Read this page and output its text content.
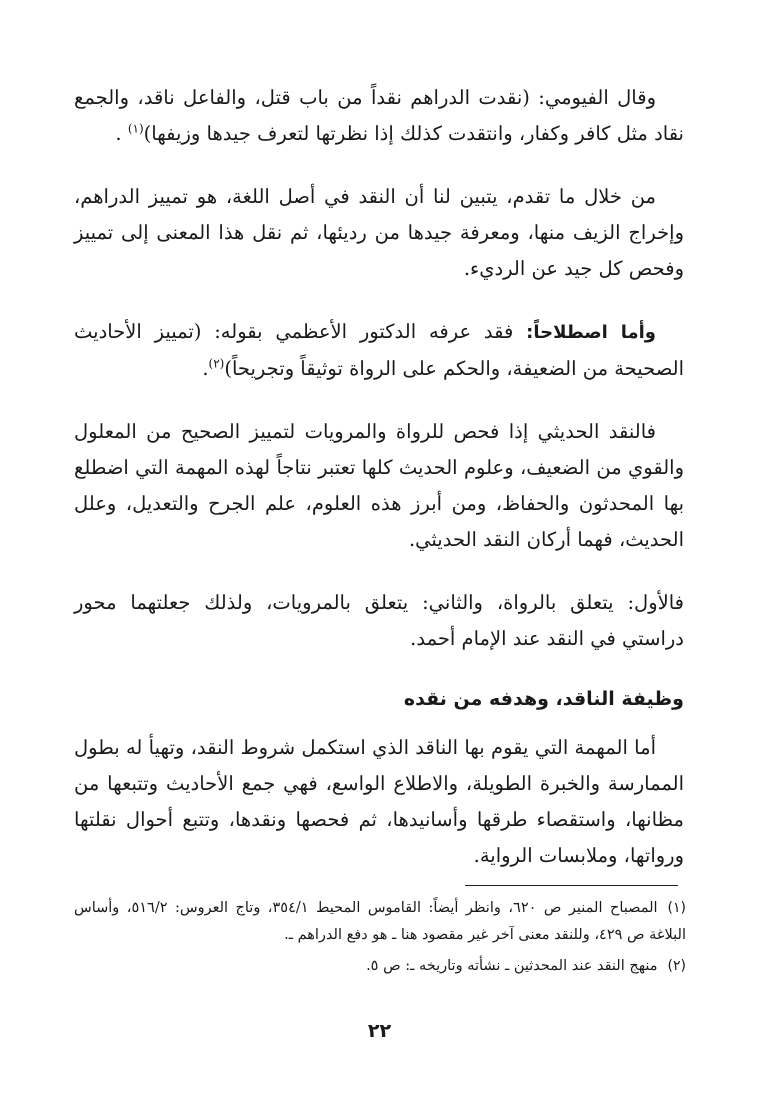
وقال الفيومي: (نقدت الدراهم نقداً من باب قتل، والفاعل ناقد، والجمع نقاد مثل كافر وكفار، وانتقدت كذلك إذا نظرتها لتعرف جيدها وزيفها)$^{(١)}$ .

من خلال ما تقدم، يتبين لنا أن النقد في أصل اللغة، هو تمييز الدراهم، وإخراج الزيف منها، ومعرفة جيدها من رديئها، ثم نقل هذا المعنى إلى تمييز وفحص كل جيد عن الرديء.

وأما اصطلاحاً: فقد عرفه الدكتور الأعظمي بقوله: (تمييز الأحاديث الصحيحة من الضعيفة، والحكم على الرواة توثيقاً وتجريحاً)$^{(٢)}$.

فالنقد الحديثي إذا فحص للرواة والمرويات لتمييز الصحيح من المعلول والقوي من الضعيف، وعلوم الحديث كلها تعتبر نتاجاً لهذه المهمة التي اضطلع بها المحدثون والحفاظ، ومن أبرز هذه العلوم، علم الجرح والتعديل، وعلل الحديث، فهما أركان النقد الحديثي.

فالأول: يتعلق بالرواة، والثاني: يتعلق بالمرويات، ولذلك جعلتهما محور دراستي في النقد عند الإمام أحمد.

وظيفة الناقد، وهدفه من نقده

أما المهمة التي يقوم بها الناقد الذي استكمل شروط النقد، وتهيأ له بطول الممارسة والخبرة الطويلة، والاطلاع الواسع، فهي جمع الأحاديث وتتبعها من مظانها، واستقصاء طرقها وأسانيدها، ثم فحصها ونقدها، وتتبع أحوال نقلتها ورواتها، وملابسات الرواية.

(١)المصباح المنير ص ٦٢٠، وانظر أيضاً: القاموس المحيط ٣٥٤/١، وتاج العروس: ٥١٦/٢، وأساس البلاغة ص ٤٢٩، وللنقد معنى آخر غير مقصود هنا ـ هو دفع الدراهم ـ.

(٢)منهج النقد عند المحدثين ـ نشأته وتاريخه ـ: ص ٥.

٢٢
